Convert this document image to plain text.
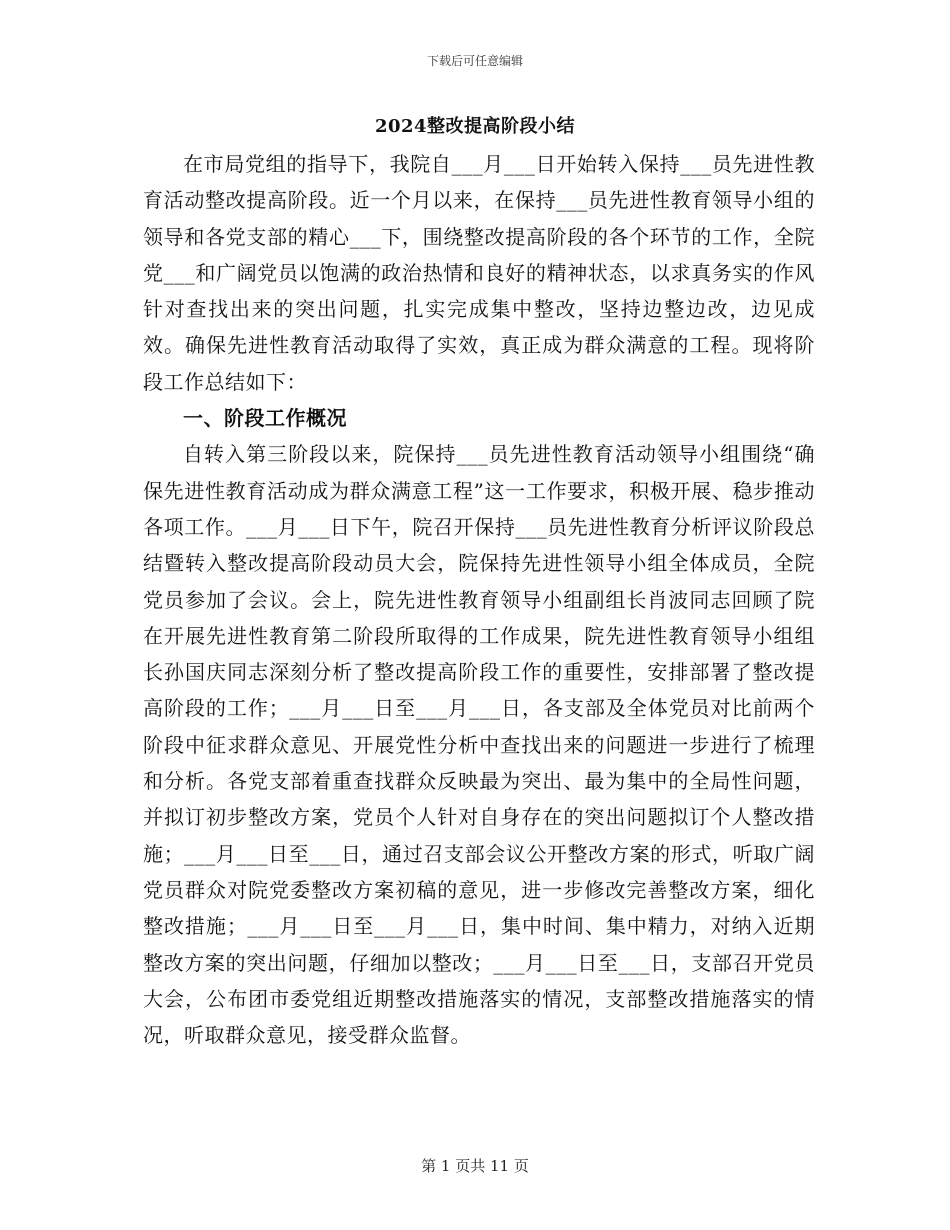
下载后可任意编辑
2024整改提高阶段小结

在市局党组的指导下，我院自___月___日开始转入保持___员先进性教育活动整改提高阶段。近一个月以来，在保持___员先进性教育领导小组的领导和各党支部的精心___下，围绕整改提高阶段的各个环节的工作，全院党___和广阔党员以饱满的政治热情和良好的精神状态，以求真务实的作风针对查找出来的突出问题，扎实完成集中整改，坚持边整边改，边见成效。确保先进性教育活动取得了实效，真正成为群众满意的工程。现将阶段工作总结如下：

一、阶段工作概况

自转入第三阶段以来，院保持___员先进性教育活动领导小组围绕“确保先进性教育活动成为群众满意工程”这一工作要求，积极开展、稳步推动各项工作。___月___日下午，院召开保持___员先进性教育分析评议阶段总结暨转入整改提高阶段动员大会，院保持先进性领导小组全体成员，全院党员参加了会议。会上，院先进性教育领导小组副组长肖波同志回顾了院在开展先进性教育第二阶段所取得的工作成果，院先进性教育领导小组组长孙国庆同志深刻分析了整改提高阶段工作的重要性，安排部署了整改提高阶段的工作；___月___日至___月___日，各支部及全体党员对比前两个阶段中征求群众意见、开展党性分析中查找出来的问题进一步进行了梳理和分析。各党支部着重查找群众反映最为突出、最为集中的全局性问题，并拟订初步整改方案，党员个人针对自身存在的突出问题拟订个人整改措施；___月___日至___日，通过召支部会议公开整改方案的形式，听取广阔党员群众对院党委整改方案初稿的意见，进一步修改完善整改方案，细化整改措施；___月___日至___月___日，集中时间、集中精力，对纳入近期整改方案的突出问题，仔细加以整改；___月___日至___日，支部召开党员大会，公布团市委党组近期整改措施落实的情况，支部整改措施落实的情况，听取群众意见，接受群众监督。

第 1 页共 11 页
